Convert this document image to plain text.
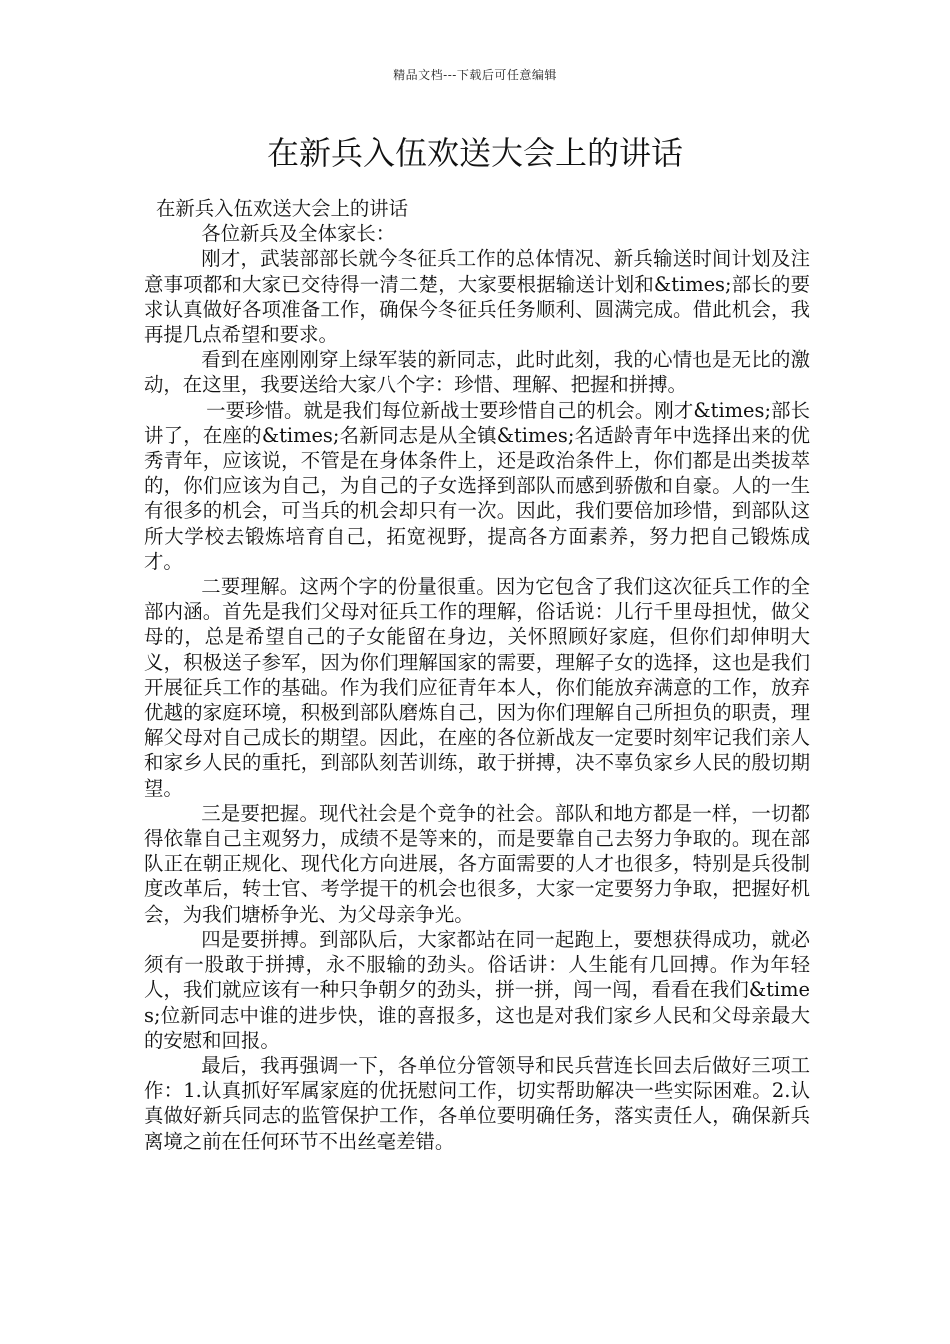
精品文档---下载后可任意编辑
在新兵入伍欢送大会上的讲话

在新兵入伍欢送大会上的讲话

各位新兵及全体家长：

刚才，武装部部长就今冬征兵工作的总体情况、新兵输送时间计划及注意事项都和大家已交待得一清二楚，大家要根据输送计划和&times;部长的要求认真做好各项准备工作，确保今冬征兵任务顺利、圆满完成。借此机会，我再提几点希望和要求。

看到在座刚刚穿上绿军装的新同志，此时此刻，我的心情也是无比的激动，在这里，我要送给大家八个字：珍惜、理解、把握和拼搏。

一要珍惜。就是我们每位新战士要珍惜自己的机会。刚才&times;部长讲了，在座的&times;名新同志是从全镇&times;名适龄青年中选择出来的优秀青年，应该说，不管是在身体条件上，还是政治条件上，你们都是出类拔萃的，你们应该为自己，为自己的子女选择到部队而感到骄傲和自豪。人的一生有很多的机会，可当兵的机会却只有一次。因此，我们要倍加珍惜，到部队这所大学校去锻炼培育自己，拓宽视野，提高各方面素养，努力把自己锻炼成才。

二要理解。这两个字的份量很重。因为它包含了我们这次征兵工作的全部内涵。首先是我们父母对征兵工作的理解，俗话说：儿行千里母担忧，做父母的，总是希望自己的子女能留在身边，关怀照顾好家庭，但你们却伸明大义，积极送子参军，因为你们理解国家的需要，理解子女的选择，这也是我们开展征兵工作的基础。作为我们应征青年本人，你们能放弃满意的工作，放弃优越的家庭环境，积极到部队磨炼自己，因为你们理解自己所担负的职责，理解父母对自己成长的期望。因此，在座的各位新战友一定要时刻牢记我们亲人和家乡人民的重托，到部队刻苦训练，敢于拼搏，决不辜负家乡人民的殷切期望。

三是要把握。现代社会是个竞争的社会。部队和地方都是一样，一切都得依靠自己主观努力，成绩不是等来的，而是要靠自己去努力争取的。现在部队正在朝正规化、现代化方向进展，各方面需要的人才也很多，特别是兵役制度改革后，转士官、考学提干的机会也很多，大家一定要努力争取，把握好机会，为我们塘桥争光、为父母亲争光。

四是要拼搏。到部队后，大家都站在同一起跑上，要想获得成功，就必须有一股敢于拼搏，永不服输的劲头。俗话讲：人生能有几回搏。作为年轻人，我们就应该有一种只争朝夕的劲头，拼一拼，闯一闯，看看在我们&times;位新同志中谁的进步快，谁的喜报多，这也是对我们家乡人民和父母亲最大的安慰和回报。

最后，我再强调一下，各单位分管领导和民兵营连长回去后做好三项工作：1.认真抓好军属家庭的优抚慰问工作，切实帮助解决一些实际困难。2.认真做好新兵同志的监管保护工作，各单位要明确任务，落实责任人，确保新兵离境之前在任何环节不出丝毫差错。
